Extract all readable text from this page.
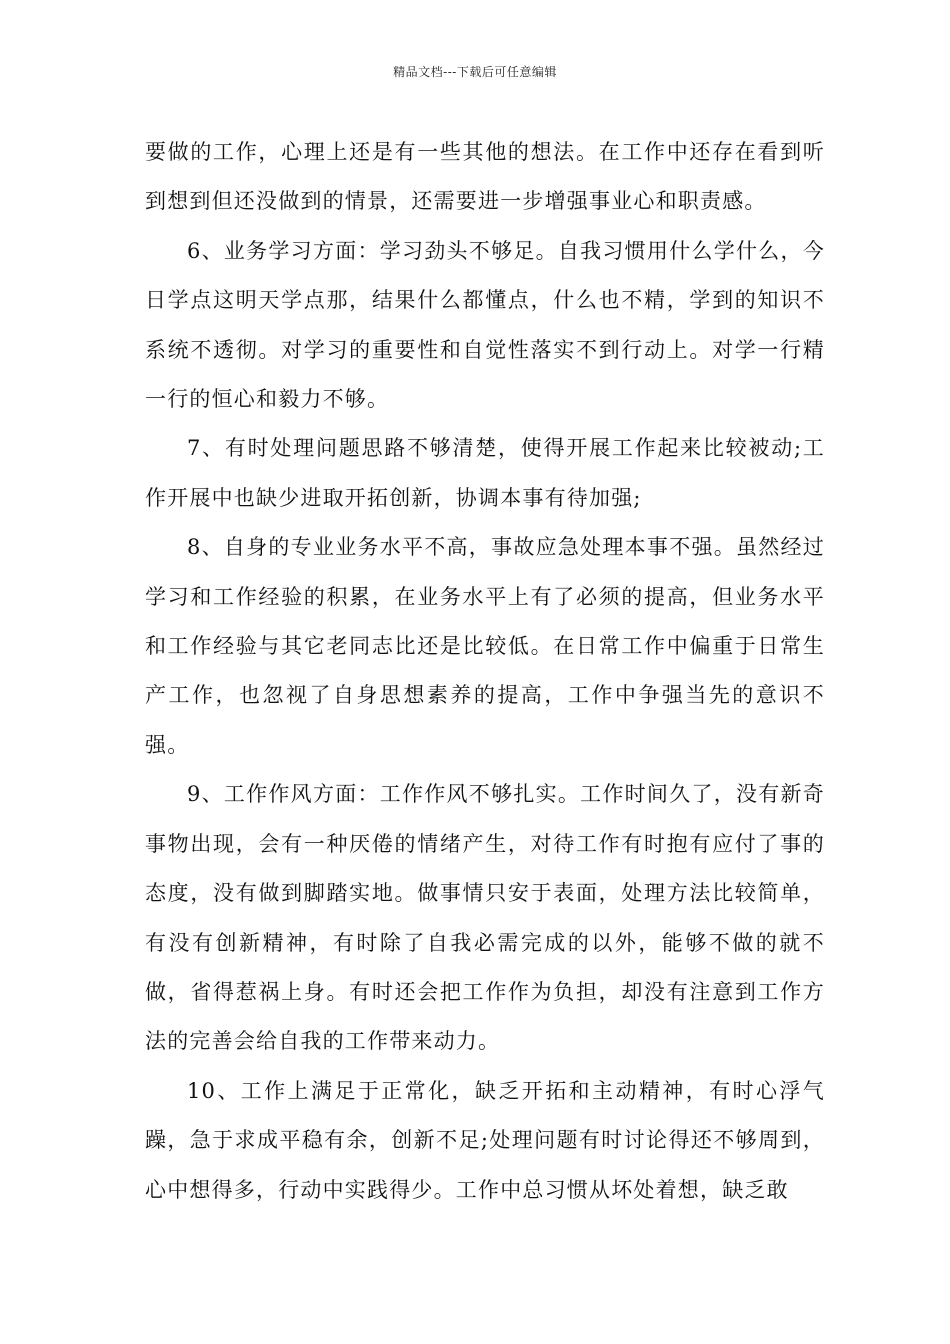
精品文档---下载后可任意编辑

要做的工作，心理上还是有一些其他的想法。在工作中还存在看到听到想到但还没做到的情景，还需要进一步增强事业心和职责感。

6、业务学习方面：学习劲头不够足。自我习惯用什么学什么，今日学点这明天学点那，结果什么都懂点，什么也不精，学到的知识不系统不透彻。对学习的重要性和自觉性落实不到行动上。对学一行精一行的恒心和毅力不够。

7、有时处理问题思路不够清楚，使得开展工作起来比较被动;工作开展中也缺少进取开拓创新，协调本事有待加强;

8、自身的专业业务水平不高，事故应急处理本事不强。虽然经过学习和工作经验的积累，在业务水平上有了必须的提高，但业务水平和工作经验与其它老同志比还是比较低。在日常工作中偏重于日常生产工作，也忽视了自身思想素养的提高，工作中争强当先的意识不强。

9、工作作风方面：工作作风不够扎实。工作时间久了，没有新奇事物出现，会有一种厌倦的情绪产生，对待工作有时抱有应付了事的态度，没有做到脚踏实地。做事情只安于表面，处理方法比较简单，有没有创新精神，有时除了自我必需完成的以外，能够不做的就不做，省得惹祸上身。有时还会把工作作为负担，却没有注意到工作方法的完善会给自我的工作带来动力。

10、工作上满足于正常化，缺乏开拓和主动精神，有时心浮气躁，急于求成平稳有余，创新不足;处理问题有时讨论得还不够周到，心中想得多，行动中实践得少。工作中总习惯从坏处着想，缺乏敢
